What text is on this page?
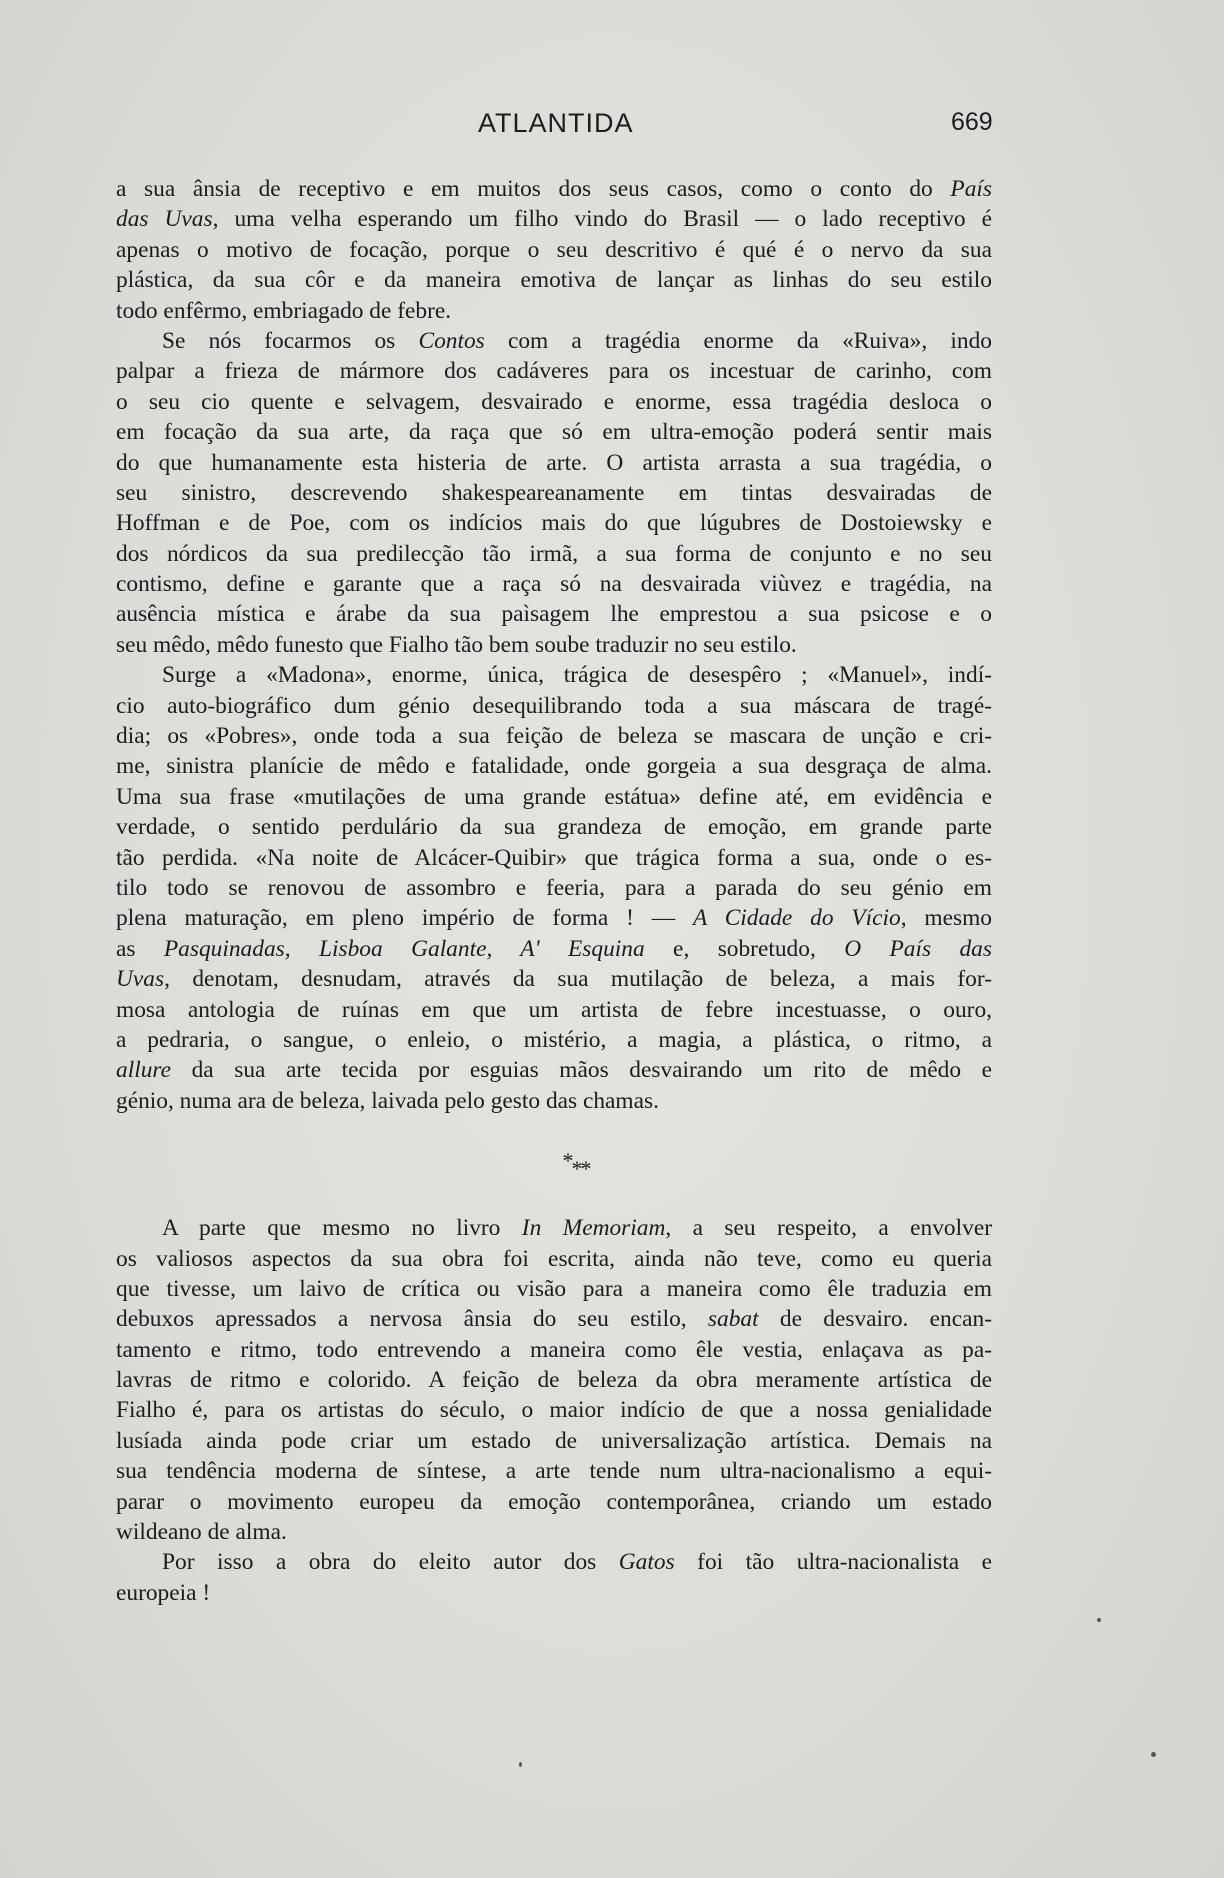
ATLANTIDA	669
a sua ânsia de receptivo e em muitos dos seus casos, como o conto do País
das Uvas, uma velha esperando um filho vindo do Brasil — o lado receptivo é
apenas o motivo de focação, porque o seu descritivo é qué é o nervo da sua
plástica, da sua côr e da maneira emotiva de lançar as linhas do seu estilo
todo enfêrmo, embriagado de febre.
Se nós focarmos os Contos com a tragédia enorme da «Ruiva», indo
palpar a frieza de mármore dos cadáveres para os incestuar de carinho, com
o seu cio quente e selvagem, desvairado e enorme, essa tragédia desloca o
em focação da sua arte, da raça que só em ultra-emoção poderá sentir mais
do que humanamente esta histeria de arte. O artista arrasta a sua tragédia, o
seu sinistro, descrevendo shakespeareanamente em tintas desvairadas de
Hoffman e de Poe, com os indícios mais do que lúgubres de Dostoiewsky e
dos nórdicos da sua predilecção tão irmã, a sua forma de conjunto e no seu
contismo, define e garante que a raça só na desvairada viùvez e tragédia, na
ausência mística e árabe da sua paìsagem lhe emprestou a sua psicose e o
seu mêdo, mêdo funesto que Fialho tão bem soube traduzir no seu estilo.
Surge a «Madona», enorme, única, trágica de desespêro ; «Manuel», indí-
cio auto-biográfico dum génio desequilibrando toda a sua máscara de tragé-
dia; os «Pobres», onde toda a sua feição de beleza se mascara de unção e cri-
me, sinistra planície de mêdo e fatalidade, onde gorgeia a sua desgraça de alma.
Uma sua frase «mutilações de uma grande estátua» define até, em evidência e
verdade, o sentido perdulário da sua grandeza de emoção, em grande parte
tão perdida. «Na noite de Alcácer-Quibir» que trágica forma a sua, onde o es-
tilo todo se renovou de assombro e feeria, para a parada do seu génio em
plena maturação, em pleno império de forma ! — A Cidade do Vício, mesmo
as Pasquinadas, Lisboa Galante, A' Esquina e, sobretudo, O País das
Uvas, denotam, desnudam, através da sua mutilação de beleza, a mais for-
mosa antologia de ruínas em que um artista de febre incestuasse, o ouro,
a pedraria, o sangue, o enleio, o mistério, a magia, a plástica, o ritmo, a
allure da sua arte tecida por esguias mãos desvairando um rito de mêdo e
génio, numa ara de beleza, laivada pelo gesto das chamas.
***
A parte que mesmo no livro In Memoriam, a seu respeito, a envolver
os valiosos aspectos da sua obra foi escrita, ainda não teve, como eu queria
que tivesse, um laivo de crítica ou visão para a maneira como êle traduzia em
debuxos apressados a nervosa ânsia do seu estilo, sabat de desvairo. encan-
tamento e ritmo, todo entrevendo a maneira como êle vestia, enlaçava as pa-
lavras de ritmo e colorido. A feição de beleza da obra meramente artística de
Fialho é, para os artistas do século, o maior indício de que a nossa genialidade
lusíada ainda pode criar um estado de universalização artística. Demais na
sua tendência moderna de síntese, a arte tende num ultra-nacionalismo a equi-
parar o movimento europeu da emoção contemporânea, criando um estado
wildeano de alma.
Por isso a obra do eleito autor dos Gatos foi tão ultra-nacionalista e
europeia !
